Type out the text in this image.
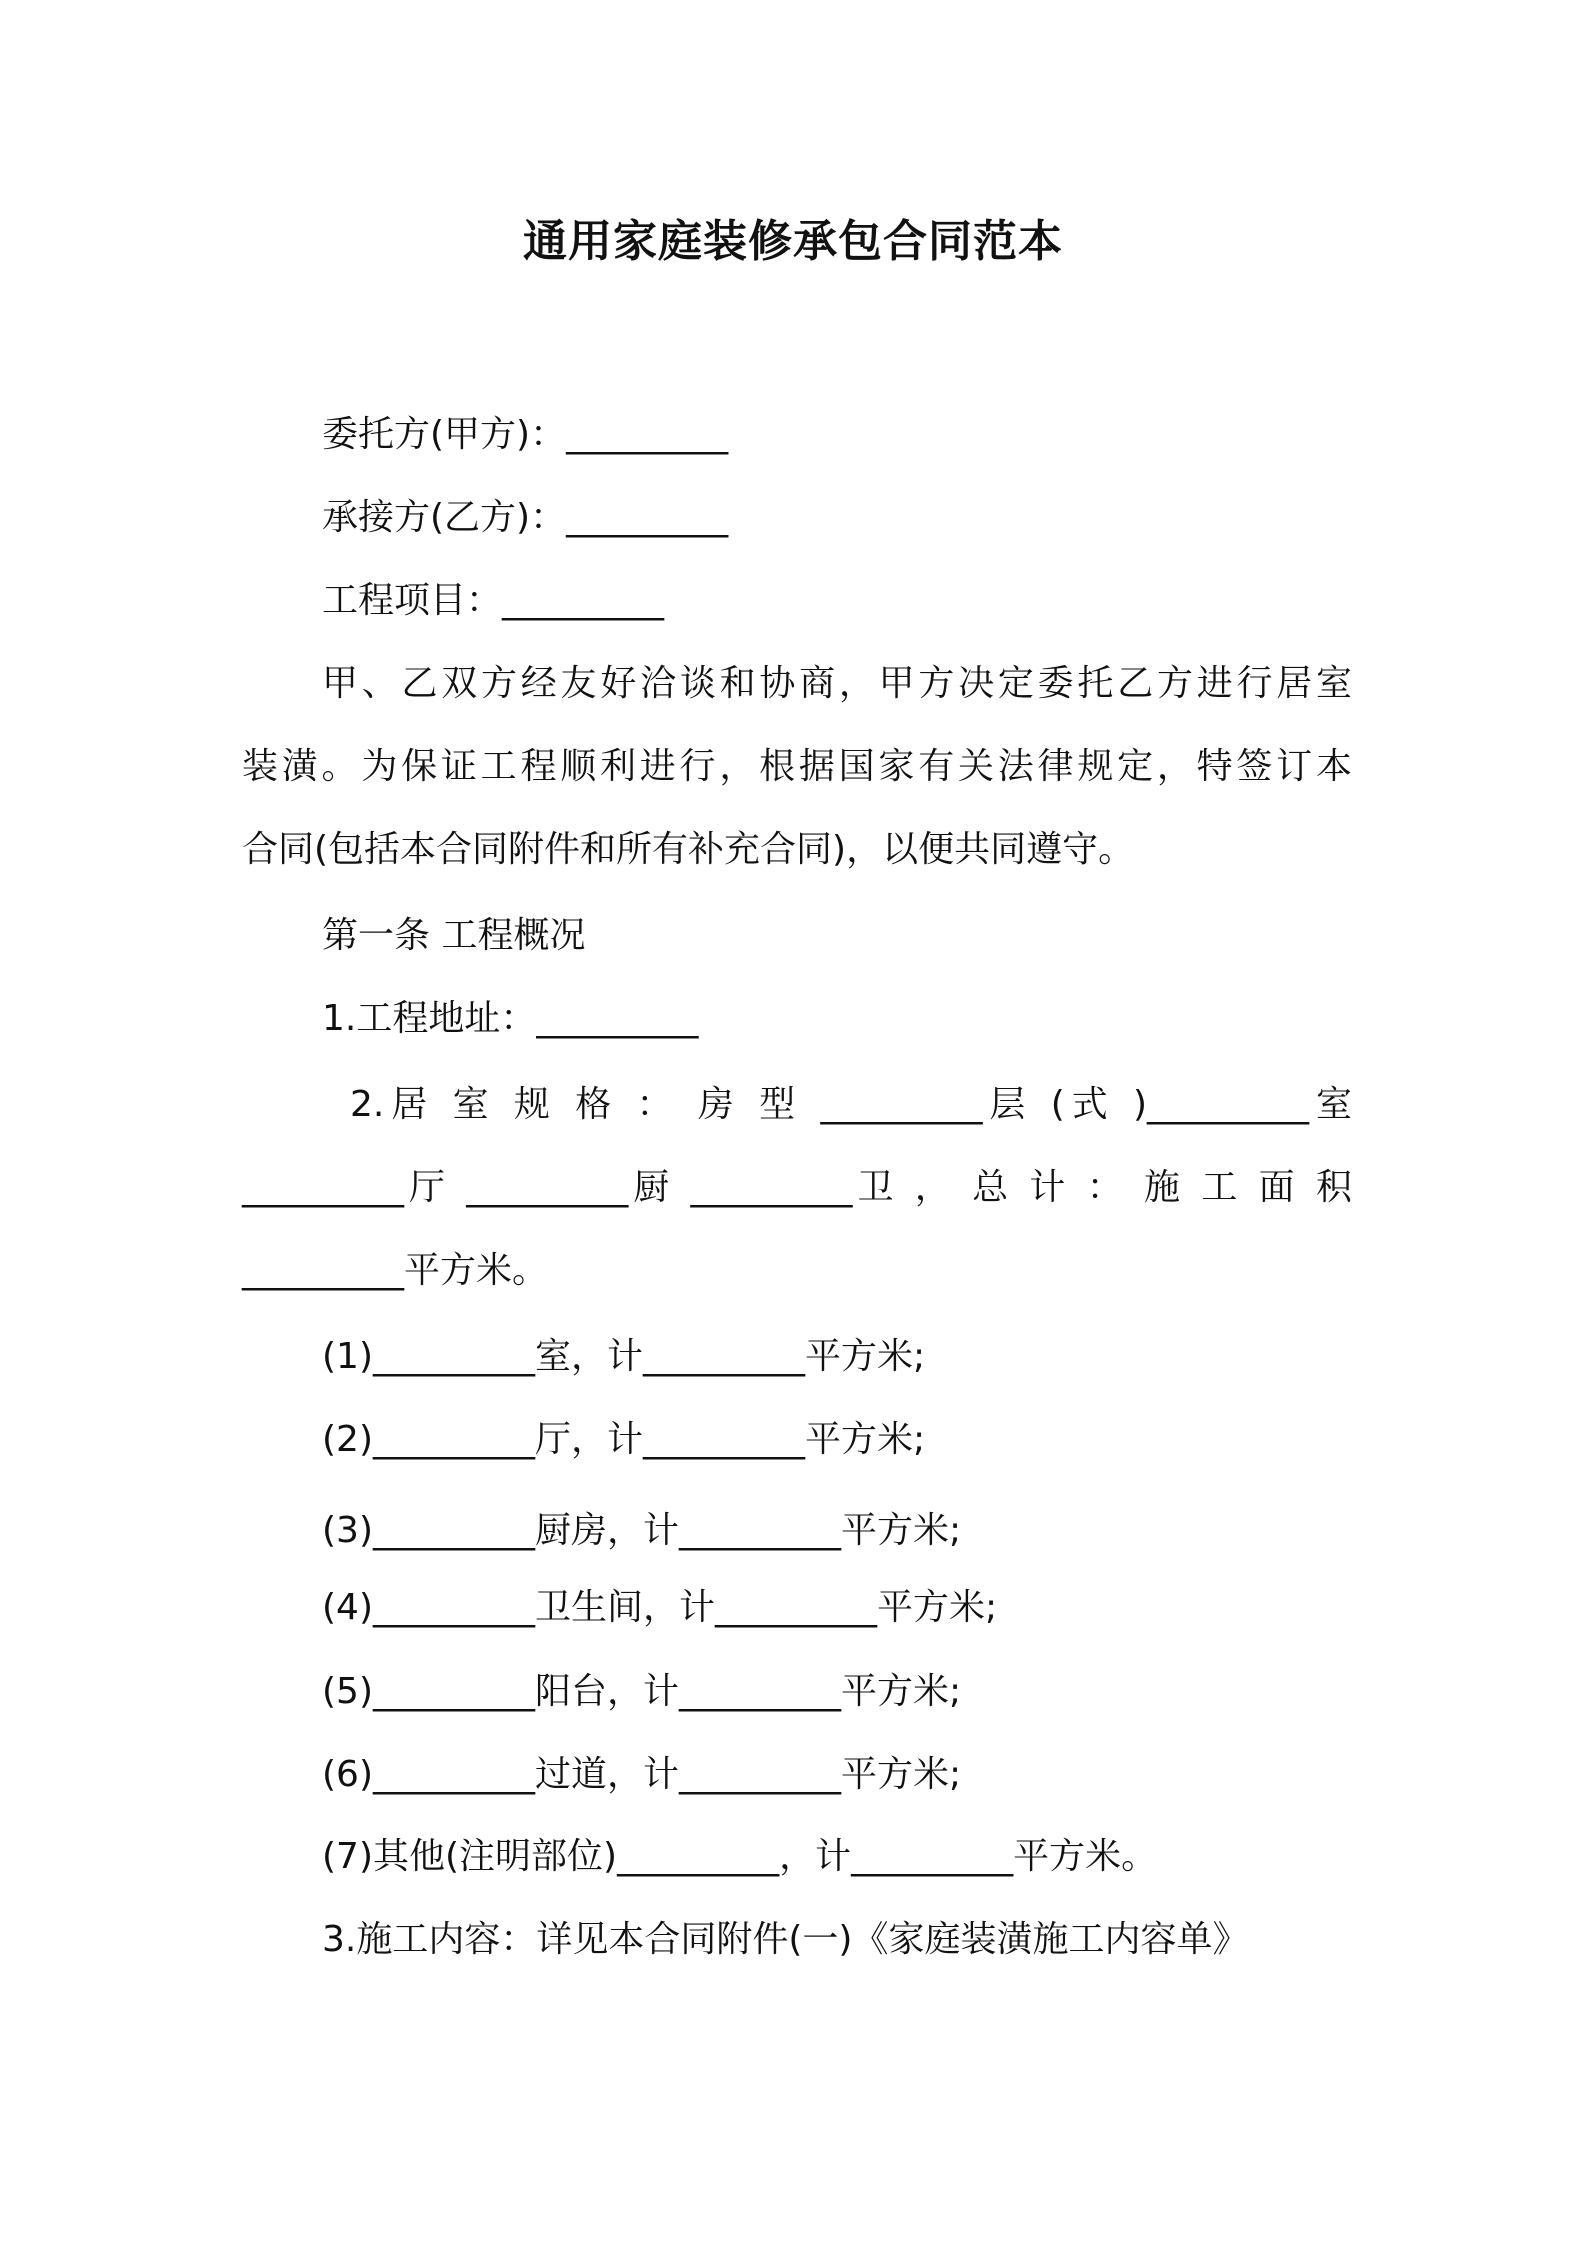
通用家庭装修承包合同范本
委托方(甲方)：_________
承接方(乙方)：_________
工程项目：_________
甲、乙双方经友好洽谈和协商，甲方决定委托乙方进行居室
装潢。为保证工程顺利进行，根据国家有关法律规定，特签订本
合同(包括本合同附件和所有补充合同)，以便共同遵守。
第一条 工程概况
1.工程地址：_________
2.居 室 规 格 ： 房 型 _________层 (式 )_________室
_________厅 _________厨 _________卫 ， 总 计 ： 施 工 面 积
_________平方米。
(1)_________室，计_________平方米;
(2)_________厅，计_________平方米;
(3)_________厨房，计_________平方米;
(4)_________卫生间，计_________平方米;
(5)_________阳台，计_________平方米;
(6)_________过道，计_________平方米;
(7)其他(注明部位)_________，计_________平方米。
3.施工内容：详见本合同附件(一)《家庭装潢施工内容单》
